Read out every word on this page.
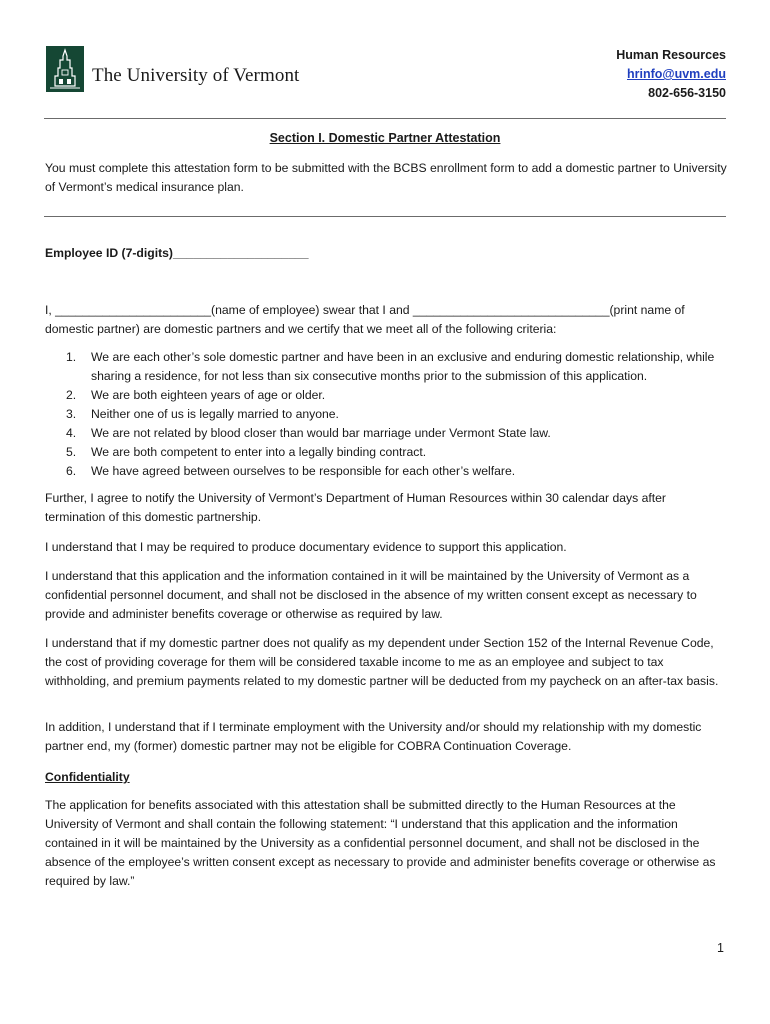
The University of Vermont
Human Resources
hrinfo@uvm.edu
802-656-3150
Section I. Domestic Partner Attestation
You must complete this attestation form to be submitted with the BCBS enrollment form to add a domestic partner to University of Vermont’s medical insurance plan.
Employee ID (7-digits)____________________
I, _______________________(name of employee) swear that I and _____________________________(print name of domestic partner) are domestic partners and we certify that we meet all of the following criteria:
1. We are each other’s sole domestic partner and have been in an exclusive and enduring domestic relationship, while sharing a residence, for not less than six consecutive months prior to the submission of this application.
2. We are both eighteen years of age or older.
3. Neither one of us is legally married to anyone.
4. We are not related by blood closer than would bar marriage under Vermont State law.
5. We are both competent to enter into a legally binding contract.
6. We have agreed between ourselves to be responsible for each other’s welfare.
Further, I agree to notify the University of Vermont’s Department of Human Resources within 30 calendar days after termination of this domestic partnership.
I understand that I may be required to produce documentary evidence to support this application.
I understand that this application and the information contained in it will be maintained by the University of Vermont as a confidential personnel document, and shall not be disclosed in the absence of my written consent except as necessary to provide and administer benefits coverage or otherwise as required by law.
I understand that if my domestic partner does not qualify as my dependent under Section 152 of the Internal Revenue Code, the cost of providing coverage for them will be considered taxable income to me as an employee and subject to tax withholding, and premium payments related to my domestic partner will be deducted from my paycheck on an after-tax basis.
In addition, I understand that if I terminate employment with the University and/or should my relationship with my domestic partner end, my (former) domestic partner may not be eligible for COBRA Continuation Coverage.
Confidentiality
The application for benefits associated with this attestation shall be submitted directly to the Human Resources at the University of Vermont and shall contain the following statement: “I understand that this application and the information contained in it will be maintained by the University as a confidential personnel document, and shall not be disclosed in the absence of the employee’s written consent except as necessary to provide and administer benefits coverage or otherwise as required by law.”
1
